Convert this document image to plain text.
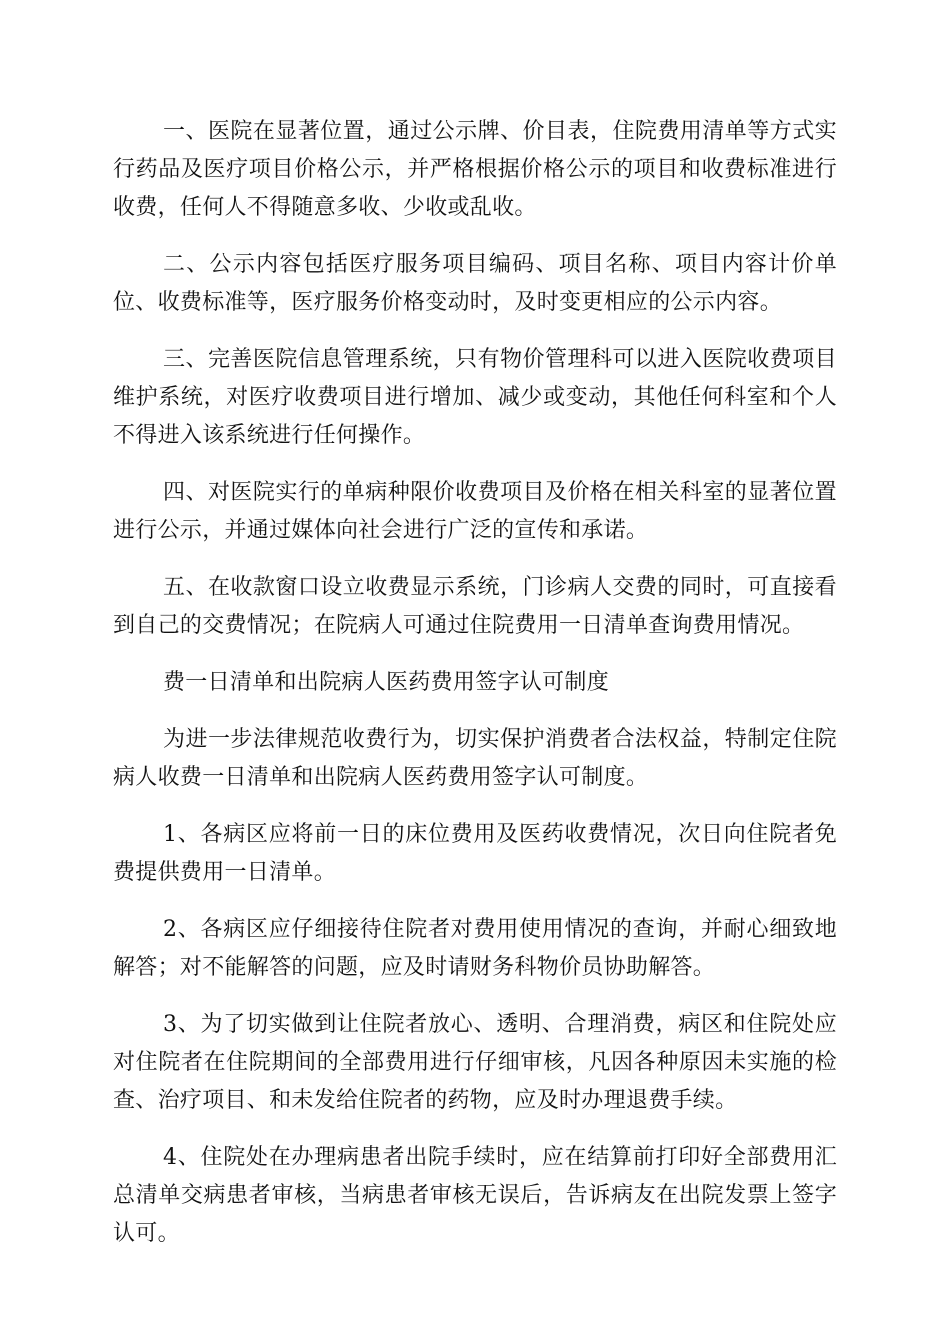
一、医院在显著位置，通过公示牌、价目表，住院费用清单等方式实行药品及医疗项目价格公示，并严格根据价格公示的项目和收费标准进行收费，任何人不得随意多收、少收或乱收。

二、公示内容包括医疗服务项目编码、项目名称、项目内容计价单位、收费标准等，医疗服务价格变动时，及时变更相应的公示内容。

三、完善医院信息管理系统，只有物价管理科可以进入医院收费项目维护系统，对医疗收费项目进行增加、减少或变动，其他任何科室和个人不得进入该系统进行任何操作。

四、对医院实行的单病种限价收费项目及价格在相关科室的显著位置进行公示，并通过媒体向社会进行广泛的宣传和承诺。

五、在收款窗口设立收费显示系统，门诊病人交费的同时，可直接看到自己的交费情况；在院病人可通过住院费用一日清单查询费用情况。

费一日清单和出院病人医药费用签字认可制度

为进一步法律规范收费行为，切实保护消费者合法权益，特制定住院病人收费一日清单和出院病人医药费用签字认可制度。

1、各病区应将前一日的床位费用及医药收费情况，次日向住院者免费提供费用一日清单。

2、各病区应仔细接待住院者对费用使用情况的查询，并耐心细致地解答；对不能解答的问题，应及时请财务科物价员协助解答。

3、为了切实做到让住院者放心、透明、合理消费，病区和住院处应对住院者在住院期间的全部费用进行仔细审核，凡因各种原因未实施的检查、治疗项目、和未发给住院者的药物，应及时办理退费手续。

4、住院处在办理病患者出院手续时，应在结算前打印好全部费用汇总清单交病患者审核，当病患者审核无误后，告诉病友在出院发票上签字认可。
